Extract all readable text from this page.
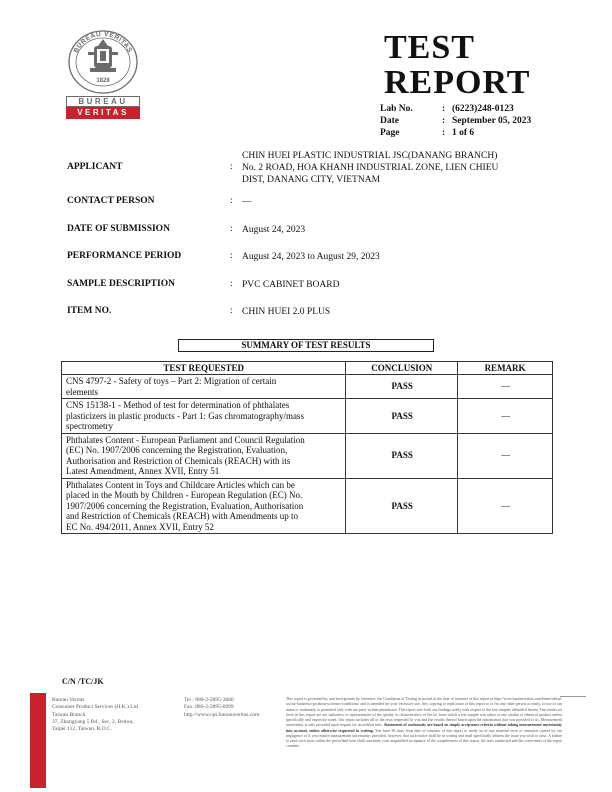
BUREAU VERITAS
1828
BUREAU
VERITAS
TEST
REPORT
Lab No.	: (6223)248-0123
Date	: September 05, 2023
Page	: 1 of 6
APPLICANT	:
CHIN HUEI PLASTIC INDUSTRIAL JSC(DANANG BRANCH)
No. 2 ROAD, HOA KHANH INDUSTRIAL ZONE, LIEN CHIEU
DIST, DANANG CITY, VIETNAM
CONTACT PERSON	: —
DATE OF SUBMISSION	: August 24, 2023
PERFORMANCE PERIOD	: August 24, 2023 to August 29, 2023
SAMPLE DESCRIPTION	: PVC CABINET BOARD
ITEM NO.	: CHIN HUEI 2.0 PLUS
SUMMARY OF TEST RESULTS
TEST REQUESTED	CONCLUSION	REMARK

CNS 4797-2 - Safety of toys – Part 2: Migration of certain
elements	PASS	—

CNS 15138-1 - Method of test for determination of phthalates
plasticizers in plastic products - Part 1: Gas chromatography/mass
spectrometry	PASS	—

Phthalates Content - European Parliament and Council Regulation
(EC) No. 1907/2006 concerning the Registration, Evaluation,
Authorisation and Restriction of Chemicals (REACH) with its
Latest Amendment, Annex XVII, Entry 51	PASS	—

Phthalates Content in Toys and Childcare Articles which can be
placed in the Mouth by Children - European Regulation (EC) No.
1907/2006 concerning the Registration, Evaluation, Authorisation
and Restriction of Chemicals (REACH) with Amendments up to
EC No. 494/2011, Annex XVII, Entry 52	PASS	—
C/N /TC/JK
Bureau Veritas
Consumer Product Services (H.K.) Ltd.
Taiwan Branch
37, Zhongyang 5 Rd., Sec. 2, Beitou,
Taipei 112, Taiwan, R.O.C.
Tel : 886-2-2895-3666
Fax: 886-2-2895-6999
http://www.cps.bureauveritas.com
This report is governed by, and incorporates by reference, the Conditions of Testing as posted at the date of issuance of this report at http://www.bureauveritas.com/home/about-us/our-business/cps/about-us/terms-conditions/ and is intended for your exclusive use. Any copying or replication of this report to or for any other person or entity, or use of our name or trademark, is permitted only with our prior written permission. This report sets forth our findings solely with respect to the test samples identified herein. The results set forth in this report are not indicative or representative of the quality or characteristics of the lot from which a test sample was taken or any similar or identical product unless specifically and expressly noted. Our report includes all of the tests requested by you and the results thereof based upon the information that you provided to us. Measurement uncertainty is only provided upon request for accredited tests. Statements of conformity are based on simple acceptance criteria without taking measurement uncertainty into account, unless otherwise requested in writing. You have 60 days from date of issuance of this report to notify us of any material error or omission caused by our negligence or if you require measurement uncertainty; provided, however, that such notice shall be in writing and shall specifically address the issue you wish to raise. A failure to raise such issue within the prescribed time shall constitute your unqualified acceptance of the completeness of this report, the tests conducted and the correctness of the report contents.
